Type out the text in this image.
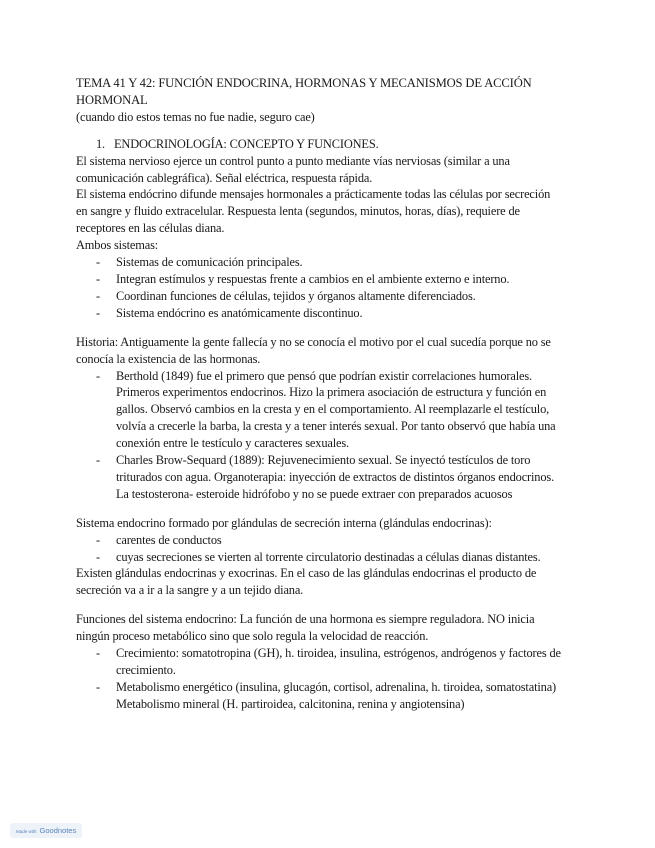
TEMA 41 Y 42: FUNCIÓN ENDOCRINA, HORMONAS Y MECANISMOS DE ACCIÓN
HORMONAL

(cuando dio estos temas no fue nadie, seguro cae)

1. ENDOCRINOLOGÍA: CONCEPTO Y FUNCIONES.

El sistema nervioso ejerce un control punto a punto mediante vías nerviosas (similar a una comunicación cablegráfica). Señal eléctrica, respuesta rápida.

El sistema endócrino difunde mensajes hormonales a prácticamente todas las células por secreción en sangre y fluido extracelular. Respuesta lenta (segundos, minutos, horas, días), requiere de receptores en las células diana.

Ambos sistemas:

-	Sistemas de comunicación principales.
-	Integran estímulos y respuestas frente a cambios en el ambiente externo e interno.
-	Coordinan funciones de células, tejidos y órganos altamente diferenciados.
-	Sistema endócrino es anatómicamente discontinuo.

Historia: Antiguamente la gente fallecía y no se conocía el motivo por el cual sucedía porque no se conocía la existencia de las hormonas.

-	Berthold (1849) fue el primero que pensó que podrían existir correlaciones humorales. Primeros experimentos endocrinos. Hizo la primera asociación de estructura y función en gallos. Observó cambios en la cresta y en el comportamiento. Al reemplazarle el testículo, volvía a crecerle la barba, la cresta y a tener interés sexual. Por tanto observó que había una conexión entre le testículo y caracteres sexuales.
-	Charles Brow-Sequard (1889): Rejuvenecimiento sexual. Se inyectó testículos de toro triturados con agua. Organoterapia: inyección de extractos de distintos órganos endocrinos. La testosterona- esteroide hidrófobo y no se puede extraer con preparados acuosos

Sistema endocrino formado por glándulas de secreción interna (glándulas endocrinas):

-	carentes de conductos
-	cuyas secreciones se vierten al torrente circulatorio destinadas a células dianas distantes.

Existen glándulas endocrinas y exocrinas. En el caso de las glándulas endocrinas el producto de secreción va a ir a la sangre y a un tejido diana.

Funciones del sistema endocrino: La función de una hormona es siempre reguladora. NO inicia ningún proceso metabólico sino que solo regula la velocidad de reacción.

-	Crecimiento: somatotropina (GH), h. tiroidea, insulina, estrógenos, andrógenos y factores de crecimiento.
-	Metabolismo energético (insulina, glucagón, cortisol, adrenalina, h. tiroidea, somatostatina) Metabolismo mineral (H. partiroidea, calcitonina, renina y angiotensina)
Made with Goodnotes
